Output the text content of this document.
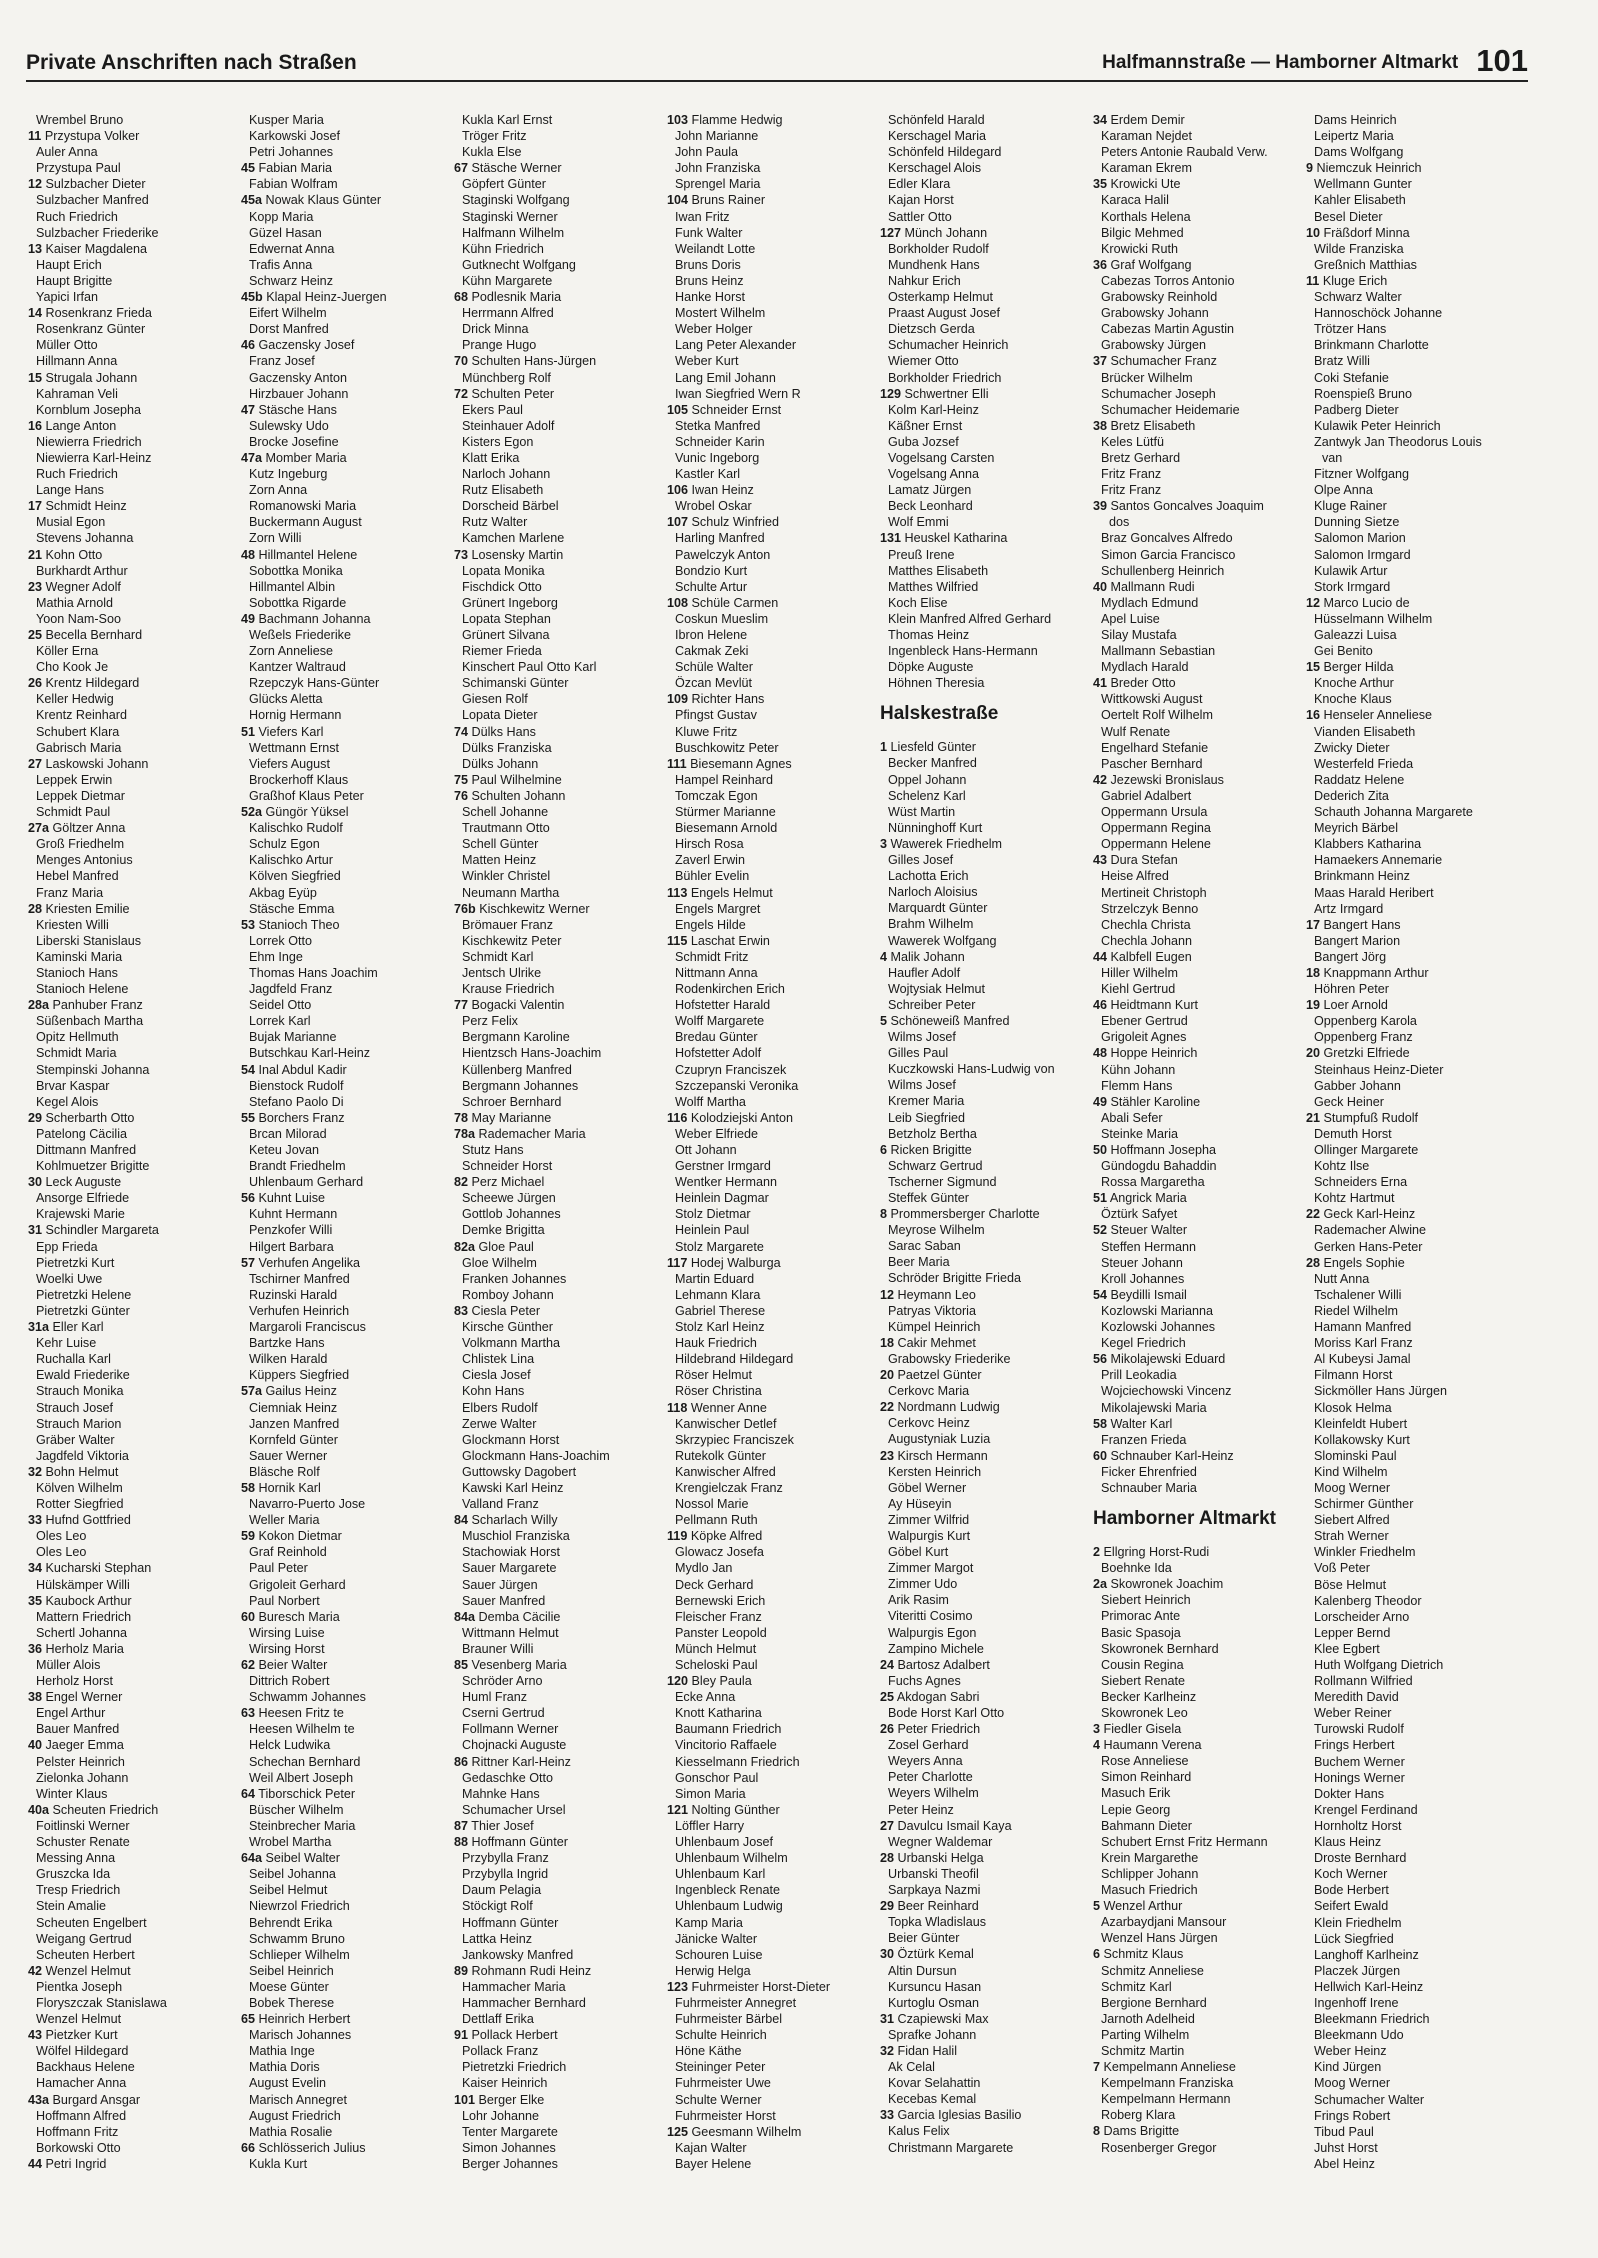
Private Anschriften nach Straßen	Halfmannstraße — Hamborner Altmarkt 101
Wrembel Bruno
11 Przystupa Volker
Auler Anna
Przystupa Paul
12 Sulzbacher Dieter
Sulzbacher Manfred
Ruch Friedrich
Sulzbacher Friederike
13 Kaiser Magdalena
Haupt Erich
Haupt Brigitte
Yapici Irfan
14 Rosenkranz Frieda
Rosenkranz Günter
Müller Otto
Hillmann Anna
15 Strugala Johann
Kahraman Veli
Kornblum Josepha
16 Lange Anton
Niewierra Friedrich
Niewierra Karl-Heinz
Ruch Friedrich
Lange Hans
17 Schmidt Heinz
Musial Egon
Stevens Johanna
21 Kohn Otto
Burkhardt Arthur
23 Wegner Adolf
Mathia Arnold
Yoon Nam-Soo
25 Becella Bernhard
Köller Erna
Cho Kook Je
26 Krentz Hildegard
Keller Hedwig
Krentz Reinhard
Schubert Klara
Gabrisch Maria
27 Laskowski Johann
Leppek Erwin
Leppek Dietmar
Schmidt Paul
27a Göltzer Anna
Groß Friedhelm
Menges Antonius
Hebel Manfred
Franz Maria
28 Kriesten Emilie
Kriesten Willi
Liberski Stanislaus
Kaminski Maria
Stanioch Hans
Stanioch Helene
28a Panhuber Franz
Süßenbach Martha
Opitz Hellmuth
Schmidt Maria
Stempinski Johanna
Brvar Kaspar
Kegel Alois
29 Scherbarth Otto
Patelong Cäcilia
Dittmann Manfred
Kohlmuetzer Brigitte
30 Leck Auguste
Ansorge Elfriede
Krajewski Marie
31 Schindler Margareta
Epp Frieda
Pietretzki Kurt
Woelki Uwe
Pietretzki Helene
Pietretzki Günter
31a Eller Karl
Kehr Luise
Ruchalla Karl
Ewald Friederike
Strauch Monika
Strauch Josef
Strauch Marion
Gräber Walter
Jagdfeld Viktoria
32 Bohn Helmut
Kölven Wilhelm
Rotter Siegfried
33 Hufnd Gottfried
Oles Leo
Oles Leo
34 Kucharski Stephan
Hülskämper Willi
35 Kaubock Arthur
Mattern Friedrich
Schertl Johanna
36 Herholz Maria
Müller Alois
Herholz Horst
38 Engel Werner
Engel Arthur
Bauer Manfred
40 Jaeger Emma
Pelster Heinrich
Zielonka Johann
Winter Klaus
40a Scheuten Friedrich
Foitlinski Werner
Schuster Renate
Messing Anna
Gruszcka Ida
Tresp Friedrich
Stein Amalie
Scheuten Engelbert
Weigang Gertrud
Scheuten Herbert
42 Wenzel Helmut
Pientka Joseph
Floryszczak Stanislawa
Wenzel Helmut
43 Pietzker Kurt
Wölfel Hildegard
Backhaus Helene
Hamacher Anna
43a Burgard Ansgar
Hoffmann Alfred
Hoffmann Fritz
Borkowski Otto
44 Petri Ingrid
Kusper Maria
Karkowski Josef
Petri Johannes
45 Fabian Maria
Fabian Wolfram
45a Nowak Klaus Günter
Kopp Maria
Güzel Hasan
Edwernat Anna
Trafis Anna
Schwarz Heinz
45b Klapal Heinz-Juergen
Eifert Wilhelm
Dorst Manfred
46 Gaczensky Josef
Franz Josef
Gaczensky Anton
Hirzbauer Johann
47 Stäsche Hans
Sulewsky Udo
Brocke Josefine
47a Momber Maria
Kutz Ingeburg
Zorn Anna
Romanowski Maria
Buckermann August
Zorn Willi
48 Hillmantel Helene
Sobottka Monika
Hillmantel Albin
Sobottka Rigarde
49 Bachmann Johanna
Weßels Friederike
Zorn Anneliese
Kantzer Waltraud
Rzepczyk Hans-Günter
Glücks Aletta
Hornig Hermann
51 Viefers Karl
Wettmann Ernst
Viefers August
Brockerhoff Klaus
Graßhof Klaus Peter
52a Güngör Yüksel
Kalischko Rudolf
Schulz Egon
Kalischko Artur
Kölven Siegfried
Akbag Eyüp
Stäsche Emma
53 Stanioch Theo
Lorrek Otto
Ehm Inge
Thomas Hans Joachim
Jagdfeld Franz
Seidel Otto
Lorrek Karl
Bujak Marianne
Butschkau Karl-Heinz
54 Inal Abdul Kadir
Bienstock Rudolf
Stefano Paolo Di
55 Borchers Franz
Brcan Milorad
Keteu Jovan
Brandt Friedhelm
Uhlenbaum Gerhard
56 Kuhnt Luise
Kuhnt Hermann
Penzkofer Willi
Hilgert Barbara
57 Verhufen Angelika
Tschirner Manfred
Ruzinski Harald
Verhufen Heinrich
Margaroli Franciscus
Bartzke Hans
Wilken Harald
Küppers Siegfried
57a Gailus Heinz
Ciemniak Heinz
Janzen Manfred
Kornfeld Günter
Sauer Werner
Bläsche Rolf
58 Hornik Karl
Navarro-Puerto Jose
Weller Maria
59 Kokon Dietmar
Graf Reinhold
Paul Peter
Grigoleit Gerhard
Paul Norbert
60 Buresch Maria
Wirsing Luise
Wirsing Horst
62 Beier Walter
Dittrich Robert
Schwamm Johannes
63 Heesen Fritz te
Heesen Wilhelm te
Helck Ludwika
Schechan Bernhard
Weil Albert Joseph
64 Tiborschick Peter
Büscher Wilhelm
Steinbrecher Maria
Wrobel Martha
64a Seibel Walter
Seibel Johanna
Seibel Helmut
Niewrzol Friedrich
Behrendt Erika
Schwamm Bruno
Schlieper Wilhelm
Seibel Heinrich
Moese Günter
Bobek Therese
65 Heinrich Herbert
Marisch Johannes
Mathia Inge
Mathia Doris
August Evelin
Marisch Annegret
August Friedrich
Mathia Rosalie
66 Schlösserich Julius
Kukla Kurt
Kukla Karl Ernst
Tröger Fritz
Kukla Else
67 Stäsche Werner
Göpfert Günter
Staginski Wolfgang
Staginski Werner
Halfmann Wilhelm
Kühn Friedrich
Gutknecht Wolfgang
Kühn Margarete
68 Podlesnik Maria
Herrmann Alfred
Drick Minna
Prange Hugo
70 Schulten Hans-Jürgen
Münchberg Rolf
72 Schulten Peter
Ekers Paul
Steinhauer Adolf
Kisters Egon
Klatt Erika
Narloch Johann
Rutz Elisabeth
Dorscheid Bärbel
Rutz Walter
Kamchen Marlene
73 Losensky Martin
Lopata Monika
Fischdick Otto
Grünert Ingeborg
Lopata Stephan
Grünert Silvana
Riemer Frieda
Kinschert Paul Otto Karl
Schimanski Günter
Giesen Rolf
Lopata Dieter
74 Dülks Hans
Dülks Franziska
Dülks Johann
75 Paul Wilhelmine
76 Schulten Johann
Schell Johanne
Trautmann Otto
Schell Günter
Matten Heinz
Winkler Christel
Neumann Martha
76b Kischkewitz Werner
Brömauer Franz
Kischkewitz Peter
Schmidt Karl
Jentsch Ulrike
Krause Friedrich
77 Bogacki Valentin
Perz Felix
Bergmann Karoline
Hientzsch Hans-Joachim
Küllenberg Manfred
Bergmann Johannes
Schroer Bernhard
78 May Marianne
78a Rademacher Maria
Stutz Hans
Schneider Horst
82 Perz Michael
Scheewe Jürgen
Gottlob Johannes
Demke Brigitta
82a Gloe Paul
Gloe Wilhelm
Franken Johannes
Romboy Johann
83 Ciesla Peter
Kirsche Günther
Volkmann Martha
Chlistek Lina
Ciesla Josef
Kohn Hans
Elbers Rudolf
Zerwe Walter
Glockmann Horst
Glockmann Hans-Joachim
Guttowsky Dagobert
Kawski Karl Heinz
Valland Franz
84 Scharlach Willy
Muschiol Franziska
Stachowiak Horst
Sauer Margarete
Sauer Jürgen
Sauer Manfred
84a Demba Cäcilie
Wittmann Helmut
Brauner Willi
85 Vesenberg Maria
Schröder Arno
Huml Franz
Cserni Gertrud
Follmann Werner
Chojnacki Auguste
86 Rittner Karl-Heinz
Gedaschke Otto
Mahnke Hans
Schumacher Ursel
87 Thier Josef
88 Hoffmann Günter
Przybylla Franz
Przybylla Ingrid
Daum Pelagia
Stöckigt Rolf
Hoffmann Günter
Lattka Heinz
Jankowsky Manfred
89 Rohmann Rudi Heinz
Hammacher Maria
Hammacher Bernhard
Dettlaff Erika
91 Pollack Herbert
Pollack Franz
Pietretzki Friedrich
Kaiser Heinrich
101 Berger Elke
Lohr Johanne
Tenter Margarete
Simon Johannes
Berger Johannes
103 Flamme Hedwig
John Marianne
John Paula
John Franziska
Sprengel Maria
104 Bruns Rainer
Iwan Fritz
Funk Walter
Weilandt Lotte
Bruns Doris
Bruns Heinz
Hanke Horst
Mostert Wilhelm
Weber Holger
Lang Peter Alexander
Weber Kurt
Lang Emil Johann
Iwan Siegfried Wern R
105 Schneider Ernst
Stetka Manfred
Schneider Karin
Vunic Ingeborg
Kastler Karl
106 Iwan Heinz
Wrobel Oskar
107 Schulz Winfried
Harling Manfred
Pawelczyk Anton
Bondzio Kurt
Schulte Artur
108 Schüle Carmen
Coskun Mueslim
Ibron Helene
Cakmak Zeki
Schüle Walter
Özcan Mevlüt
109 Richter Hans
Pfingst Gustav
Kluwe Fritz
Buschkowitz Peter
111 Biesemann Agnes
Hampel Reinhard
Tomczak Egon
Stürmer Marianne
Biesemann Arnold
Hirsch Rosa
Zaverl Erwin
Bühler Evelin
113 Engels Helmut
Engels Margret
Engels Hilde
115 Laschat Erwin
Schmidt Fritz
Nittmann Anna
Rodenkirchen Erich
Hofstetter Harald
Wolff Margarete
Bredau Günter
Hofstetter Adolf
Czupryn Franciszek
Szczepanski Veronika
Wolff Martha
116 Kolodziejski Anton
Weber Elfriede
Ott Johann
Gerstner Irmgard
Wentker Hermann
Heinlein Dagmar
Stolz Dietmar
Heinlein Paul
Stolz Margarete
117 Hodej Walburga
Martin Eduard
Lehmann Klara
Gabriel Therese
Stolz Karl Heinz
Hauk Friedrich
Hildebrand Hildegard
Röser Helmut
Röser Christina
118 Wenner Anne
Kanwischer Detlef
Skrzypiec Franciszek
Rutekolk Günter
Kanwischer Alfred
Krengielczak Franz
Nossol Marie
Pellmann Ruth
119 Köpke Alfred
Glowacz Josefa
Mydlo Jan
Deck Gerhard
Bernewski Erich
Fleischer Franz
Panster Leopold
Münch Helmut
Scheloski Paul
120 Bley Paula
Ecke Anna
Knott Katharina
Baumann Friedrich
Vincitorio Raffaele
Kiesselmann Friedrich
Gonschor Paul
Simon Maria
121 Nolting Günther
Löffler Harry
Uhlenbaum Josef
Uhlenbaum Wilhelm
Uhlenbaum Karl
Ingenbleck Renate
Uhlenbaum Ludwig
Kamp Maria
Jänicke Walter
Schouren Luise
Herwig Helga
123 Fuhrmeister Horst-Dieter
Fuhrmeister Annegret
Fuhrmeister Bärbel
Schulte Heinrich
Höne Käthe
Steininger Peter
Fuhrmeister Uwe
Schulte Werner
Fuhrmeister Horst
125 Geesmann Wilhelm
Kajan Walter
Bayer Helene
Schönfeld Harald
Kerschagel Maria
Schönfeld Hildegard
Kerschagel Alois
Edler Klara
Kajan Horst
Sattler Otto
127 Münch Johann
Borkholder Rudolf
Mundhenk Hans
Nahkur Erich
Osterkamp Helmut
Praast August Josef
Dietzsch Gerda
Schumacher Heinrich
Wiemer Otto
Borkholder Friedrich
129 Schwertner Elli
Kolm Karl-Heinz
Käßner Ernst
Guba Jozsef
Vogelsang Carsten
Vogelsang Anna
Lamatz Jürgen
Beck Leonhard
Wolf Emmi
131 Heuskel Katharina
Preuß Irene
Matthes Elisabeth
Matthes Wilfried
Koch Elise
Klein Manfred Alfred Gerhard
Thomas Heinz
Ingenbleck Hans-Hermann
Döpke Auguste
Höhnen Theresia
Halskestraße
1 Liesfeld Günter
Becker Manfred
Oppel Johann
Schelenz Karl
Wüst Martin
Nünninghoff Kurt
3 Wawerek Friedhelm
Gilles Josef
Lachotta Erich
Narloch Aloisius
Marquardt Günter
Brahm Wilhelm
Wawerek Wolfgang
4 Malik Johann
Haufler Adolf
Wojtysiak Helmut
Schreiber Peter
5 Schöneweiß Manfred
Wilms Josef
Gilles Paul
Kuczkowski Hans-Ludwig von
Wilms Josef
Kremer Maria
Leib Siegfried
Betzholz Bertha
6 Ricken Brigitte
Schwarz Gertrud
Tscherner Sigmund
Steffek Günter
8 Prommersberger Charlotte
Meyrose Wilhelm
Sarac Saban
Beer Maria
Schröder Brigitte Frieda
12 Heymann Leo
Patryas Viktoria
Kümpel Heinrich
18 Cakir Mehmet
Grabowsky Friederike
20 Paetzel Günter
Cerkovc Maria
22 Nordmann Ludwig
Cerkovc Heinz
Augustyniak Luzia
23 Kirsch Hermann
Kersten Heinrich
Göbel Werner
Ay Hüseyin
Zimmer Wilfrid
Walpurgis Kurt
Göbel Kurt
Zimmer Margot
Zimmer Udo
Arik Rasim
Viteritti Cosimo
Walpurgis Egon
Zampino Michele
24 Bartosz Adalbert
Fuchs Agnes
25 Akdogan Sabri
Bode Horst Karl Otto
26 Peter Friedrich
Zosel Gerhard
Weyers Anna
Peter Charlotte
Weyers Wilhelm
Peter Heinz
27 Davulcu Ismail Kaya
Wegner Waldemar
28 Urbanski Helga
Urbanski Theofil
Sarpkaya Nazmi
29 Beer Reinhard
Topka Wladislaus
Beier Günter
30 Öztürk Kemal
Altin Dursun
Kursuncu Hasan
Kurtoglu Osman
31 Czapiewski Max
Sprafke Johann
32 Fidan Halil
Ak Celal
Kovar Selahattin
Kecebas Kemal
33 Garcia Iglesias Basilio
Kalus Felix
Christmann Margarete
34 Erdem Demir
Karaman Nejdet
Peters Antonie Raubald Verw.
Karaman Ekrem
35 Krowicki Ute
Karaca Halil
Korthals Helena
Bilgic Mehmed
Krowicki Ruth
36 Graf Wolfgang
Cabezas Torros Antonio
Grabowsky Reinhold
Grabowsky Johann
Cabezas Martin Agustin
Grabowsky Jürgen
37 Schumacher Franz
Brücker Wilhelm
Schumacher Joseph
Schumacher Heidemarie
38 Bretz Elisabeth
Keles Lütfü
Bretz Gerhard
Fritz Franz
Fritz Franz
39 Santos Goncalves Joaquim
dos
Braz Goncalves Alfredo
Simon Garcia Francisco
Schullenberg Heinrich
40 Mallmann Rudi
Mydlach Edmund
Apel Luise
Silay Mustafa
Mallmann Sebastian
Mydlach Harald
41 Breder Otto
Wittkowski August
Oertelt Rolf Wilhelm
Wulf Renate
Engelhard Stefanie
Pascher Bernhard
42 Jezewski Bronislaus
Gabriel Adalbert
Oppermann Ursula
Oppermann Regina
Oppermann Helene
43 Dura Stefan
Heise Alfred
Mertineit Christoph
Strzelczyk Benno
Chechla Christa
Chechla Johann
44 Kalbfell Eugen
Hiller Wilhelm
Kiehl Gertrud
46 Heidtmann Kurt
Ebener Gertrud
Grigoleit Agnes
48 Hoppe Heinrich
Kühn Johann
Flemm Hans
49 Stähler Karoline
Abali Sefer
Steinke Maria
50 Hoffmann Josepha
Gündogdu Bahaddin
Rossa Margaretha
51 Angrick Maria
Öztürk Safyet
52 Steuer Walter
Steffen Hermann
Steuer Johann
Kroll Johannes
54 Beydilli Ismail
Kozlowski Marianna
Kozlowski Johannes
Kegel Friedrich
56 Mikolajewski Eduard
Prill Leokadia
Wojciechowski Vincenz
Mikolajewski Maria
58 Walter Karl
Franzen Frieda
60 Schnauber Karl-Heinz
Ficker Ehrenfried
Schnauber Maria
Hamborner Altmarkt
2 Ellgring Horst-Rudi
Boehnke Ida
2a Skowronek Joachim
Siebert Heinrich
Primorac Ante
Basic Spasoja
Skowronek Bernhard
Cousin Regina
Siebert Renate
Becker Karlheinz
Skowronek Leo
3 Fiedler Gisela
4 Haumann Verena
Rose Anneliese
Simon Reinhard
Masuch Erik
Lepie Georg
Bahmann Dieter
Schubert Ernst Fritz Hermann
Krein Margarethe
Schlipper Johann
Masuch Friedrich
5 Wenzel Arthur
Azarbaydjani Mansour
Wenzel Hans Jürgen
6 Schmitz Klaus
Schmitz Anneliese
Schmitz Karl
Bergione Bernhard
Jarnoth Adelheid
Parting Wilhelm
Schmitz Martin
7 Kempelmann Anneliese
Kempelmann Franziska
Kempelmann Hermann
Roberg Klara
8 Dams Brigitte
Rosenberger Gregor
Dams Heinrich
Leipertz Maria
Dams Wolfgang
9 Niemczuk Heinrich
Wellmann Gunter
Kahler Elisabeth
Besel Dieter
10 Fräßdorf Minna
Wilde Franziska
Greßnich Matthias
11 Kluge Erich
Schwarz Walter
Hannoschöck Johanne
Trötzer Hans
Brinkmann Charlotte
Bratz Willi
Coki Stefanie
Roenspieß Bruno
Padberg Dieter
Kulawik Peter Heinrich
Zantwyk Jan Theodorus Louis
van
Fitzner Wolfgang
Olpe Anna
Kluge Rainer
Dunning Sietze
Salomon Marion
Salomon Irmgard
Kulawik Artur
Stork Irmgard
12 Marco Lucio de
Hüsselmann Wilhelm
Galeazzi Luisa
Gei Benito
15 Berger Hilda
Knoche Arthur
Knoche Klaus
16 Henseler Anneliese
Vianden Elisabeth
Zwicky Dieter
Westerfeld Frieda
Raddatz Helene
Dederich Zita
Schauth Johanna Margarete
Meyrich Bärbel
Klabbers Katharina
Hamaekers Annemarie
Brinkmann Heinz
Maas Harald Heribert
Artz Irmgard
17 Bangert Hans
Bangert Marion
Bangert Jörg
18 Knappmann Arthur
Höhren Peter
19 Loer Arnold
Oppenberg Karola
Oppenberg Franz
20 Gretzki Elfriede
Steinhaus Heinz-Dieter
Gabber Johann
Geck Heiner
21 Stumpfuß Rudolf
Demuth Horst
Ollinger Margarete
Kohtz Ilse
Schneiders Erna
Kohtz Hartmut
22 Geck Karl-Heinz
Rademacher Alwine
Gerken Hans-Peter
28 Engels Sophie
Nutt Anna
Tschalener Willi
Riedel Wilhelm
Hamann Manfred
Moriss Karl Franz
Al Kubeysi Jamal
Filmann Horst
Sickmöller Hans Jürgen
Klosok Helma
Kleinfeldt Hubert
Kollakowsky Kurt
Slominski Paul
Kind Wilhelm
Moog Werner
Schirmer Günther
Siebert Alfred
Strah Werner
Winkler Friedhelm
Voß Peter
Böse Helmut
Kalenberg Theodor
Lorscheider Arno
Lepper Bernd
Klee Egbert
Huth Wolfgang Dietrich
Rollmann Wilfried
Meredith David
Weber Reiner
Turowski Rudolf
Frings Herbert
Buchem Werner
Honings Werner
Dokter Hans
Krengel Ferdinand
Hornholtz Horst
Klaus Heinz
Droste Bernhard
Koch Werner
Bode Herbert
Seifert Ewald
Klein Friedhelm
Lück Siegfried
Langhoff Karlheinz
Placzek Jürgen
Hellwich Karl-Heinz
Ingenhoff Irene
Bleekmann Friedrich
Bleekmann Udo
Weber Heinz
Kind Jürgen
Moog Werner
Schumacher Walter
Frings Robert
Tibud Paul
Juhst Horst
Abel Heinz
